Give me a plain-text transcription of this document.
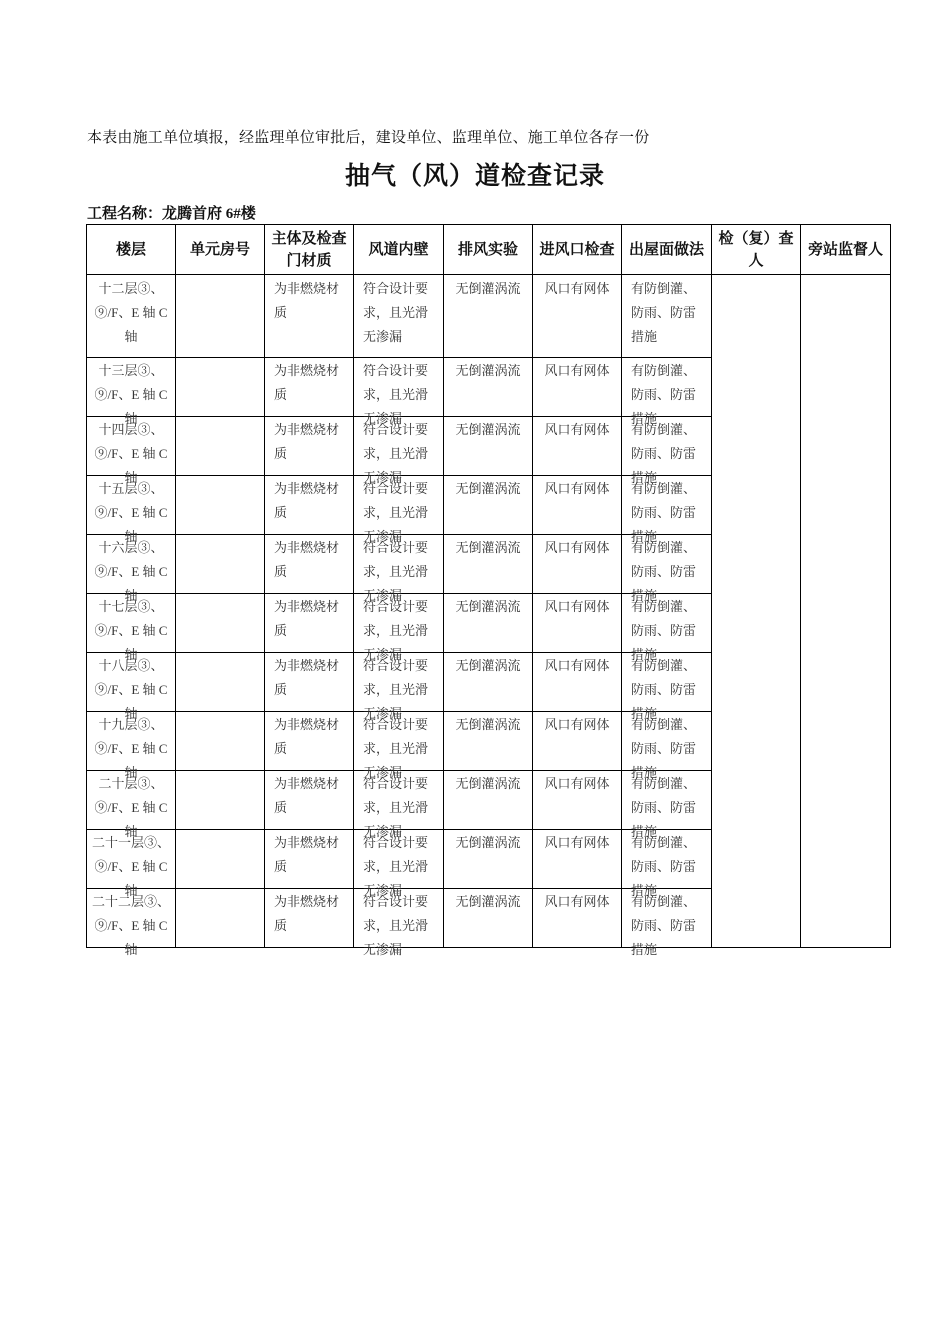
本表由施工单位填报，经监理单位审批后，建设单位、监理单位、施工单位各存一份
抽气（风）道检查记录
工程名称：龙腾首府 6#楼
楼层	单元房号	主体及检查门材质	风道内壁	排风实验	进风口检查	出屋面做法	检（复）查人	旁站监督人

十二层③、⑨/F、E 轴 C 轴		为非燃烧材质	符合设计要求，且光滑无渗漏	无倒灌涡流	风口有网体	有防倒灌、防雨、防雷措施		

十三层③、⑨/F、E 轴 C 轴		为非燃烧材质	符合设计要求，且光滑无渗漏	无倒灌涡流	风口有网体	有防倒灌、防雨、防雷措施		

十四层③、⑨/F、E 轴 C 轴		为非燃烧材质	符合设计要求，且光滑无渗漏	无倒灌涡流	风口有网体	有防倒灌、防雨、防雷措施		

十五层③、⑨/F、E 轴 C 轴		为非燃烧材质	符合设计要求，且光滑无渗漏	无倒灌涡流	风口有网体	有防倒灌、防雨、防雷措施		

十六层③、⑨/F、E 轴 C 轴		为非燃烧材质	符合设计要求，且光滑无渗漏	无倒灌涡流	风口有网体	有防倒灌、防雨、防雷措施		

十七层③、⑨/F、E 轴 C 轴		为非燃烧材质	符合设计要求，且光滑无渗漏	无倒灌涡流	风口有网体	有防倒灌、防雨、防雷措施		

十八层③、⑨/F、E 轴 C 轴		为非燃烧材质	符合设计要求，且光滑无渗漏	无倒灌涡流	风口有网体	有防倒灌、防雨、防雷措施		

十九层③、⑨/F、E 轴 C 轴		为非燃烧材质	符合设计要求，且光滑无渗漏	无倒灌涡流	风口有网体	有防倒灌、防雨、防雷措施		

二十层③、⑨/F、E 轴 C 轴		为非燃烧材质	符合设计要求，且光滑无渗漏	无倒灌涡流	风口有网体	有防倒灌、防雨、防雷措施		

二十一层③、⑨/F、E 轴 C 轴		为非燃烧材质	符合设计要求，且光滑无渗漏	无倒灌涡流	风口有网体	有防倒灌、防雨、防雷措施		

二十二层③、⑨/F、E 轴 C 轴		为非燃烧材质	符合设计要求，且光滑无渗漏	无倒灌涡流	风口有网体	有防倒灌、防雨、防雷措施		
